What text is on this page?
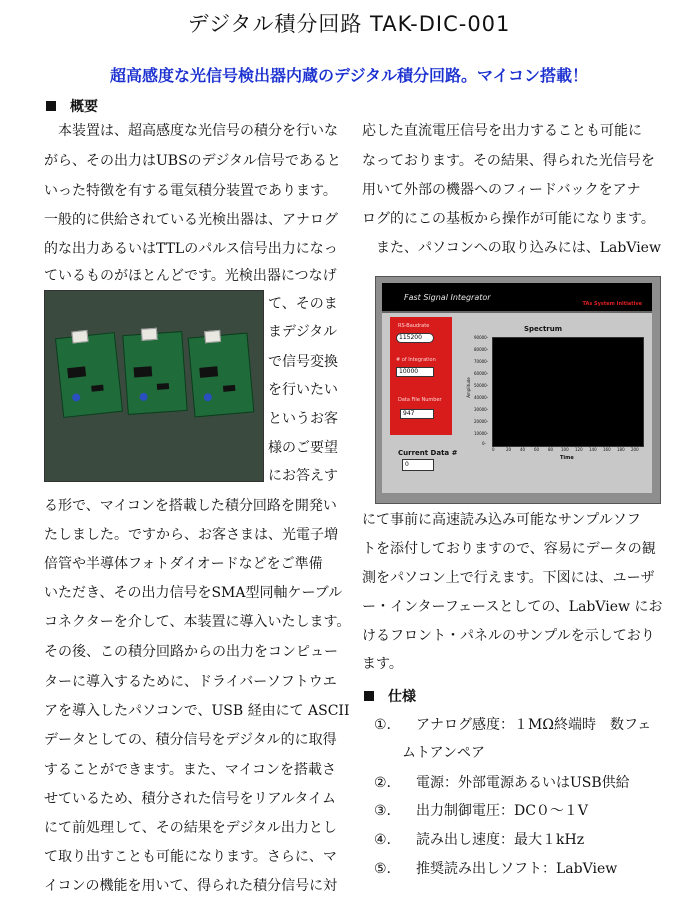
デジタル積分回路 TAK-DIC-001
超高感度な光信号検出器内蔵のデジタル積分回路。マイコン搭載！
概要
　本装置は、超高感度な光信号の積分を行いな
がら、その出力はUBSのデジタル信号であると
いった特徴を有する電気積分装置であります。
一般的に供給されている光検出器は、アナログ
的な出力あるいはTTLのパルス信号出力になっ
ているものがほとんどです。光検出器につなげ
て、そのま
まデジタル
で信号変換
を行いたい
というお客
様のご要望
にお答えす
る形で、マイコンを搭載した積分回路を開発い
たしました。ですから、お客さまは、光電子増
倍管や半導体フォトダイオードなどをご準備
いただき、その出力信号をSMA型同軸ケーブル
コネクターを介して、本装置に導入いたします。
その後、この積分回路からの出力をコンピュー
ターに導入するために、ドライバーソフトウエ
アを導入したパソコンで、USB 経由にて ASCII
データとしての、積分信号をデジタル的に取得
することができます。また、マイコンを搭載さ
せているため、積分された信号をリアルタイム
にて前処理して、その結果をデジタル出力とし
て取り出すことも可能になります。さらに、マ
イコンの機能を用いて、得られた積分信号に対
応した直流電圧信号を出力することも可能に
なっております。その結果、得られた光信号を
用いて外部の機器へのフィードバックをアナ
ログ的にこの基板から操作が可能になります。
　また、パソコンへの取り込みには、LabView
Fast Signal Integrator
TAs System Initiative
RS-Baudrate
115200
# of Integration
10000
Data File Number
947
Current Data #
0
Spectrum
90000-
80000-
70000-
60000-
50000-
40000-
30000-
20000-
10000-
0-
Amplitude
0	20 40 60 80 100 120 140 160 180 200
Time
にて事前に高速読み込み可能なサンプルソフ
トを添付しておりますので、容易にデータの観
測をパソコン上で行えます。下図には、ユーザ
ー・インターフェースとしての、LabView にお
けるフロント・パネルのサンプルを示しており
ます。
仕様
①. アナログ感度：１MΩ終端時　数フェ
ムトアンペア
②. 電源：外部電源あるいはUSB供給
③. 出力制御電圧：DC０～１V
④. 読み出し速度：最大１kHz
⑤. 推奨読み出しソフト：LabView
